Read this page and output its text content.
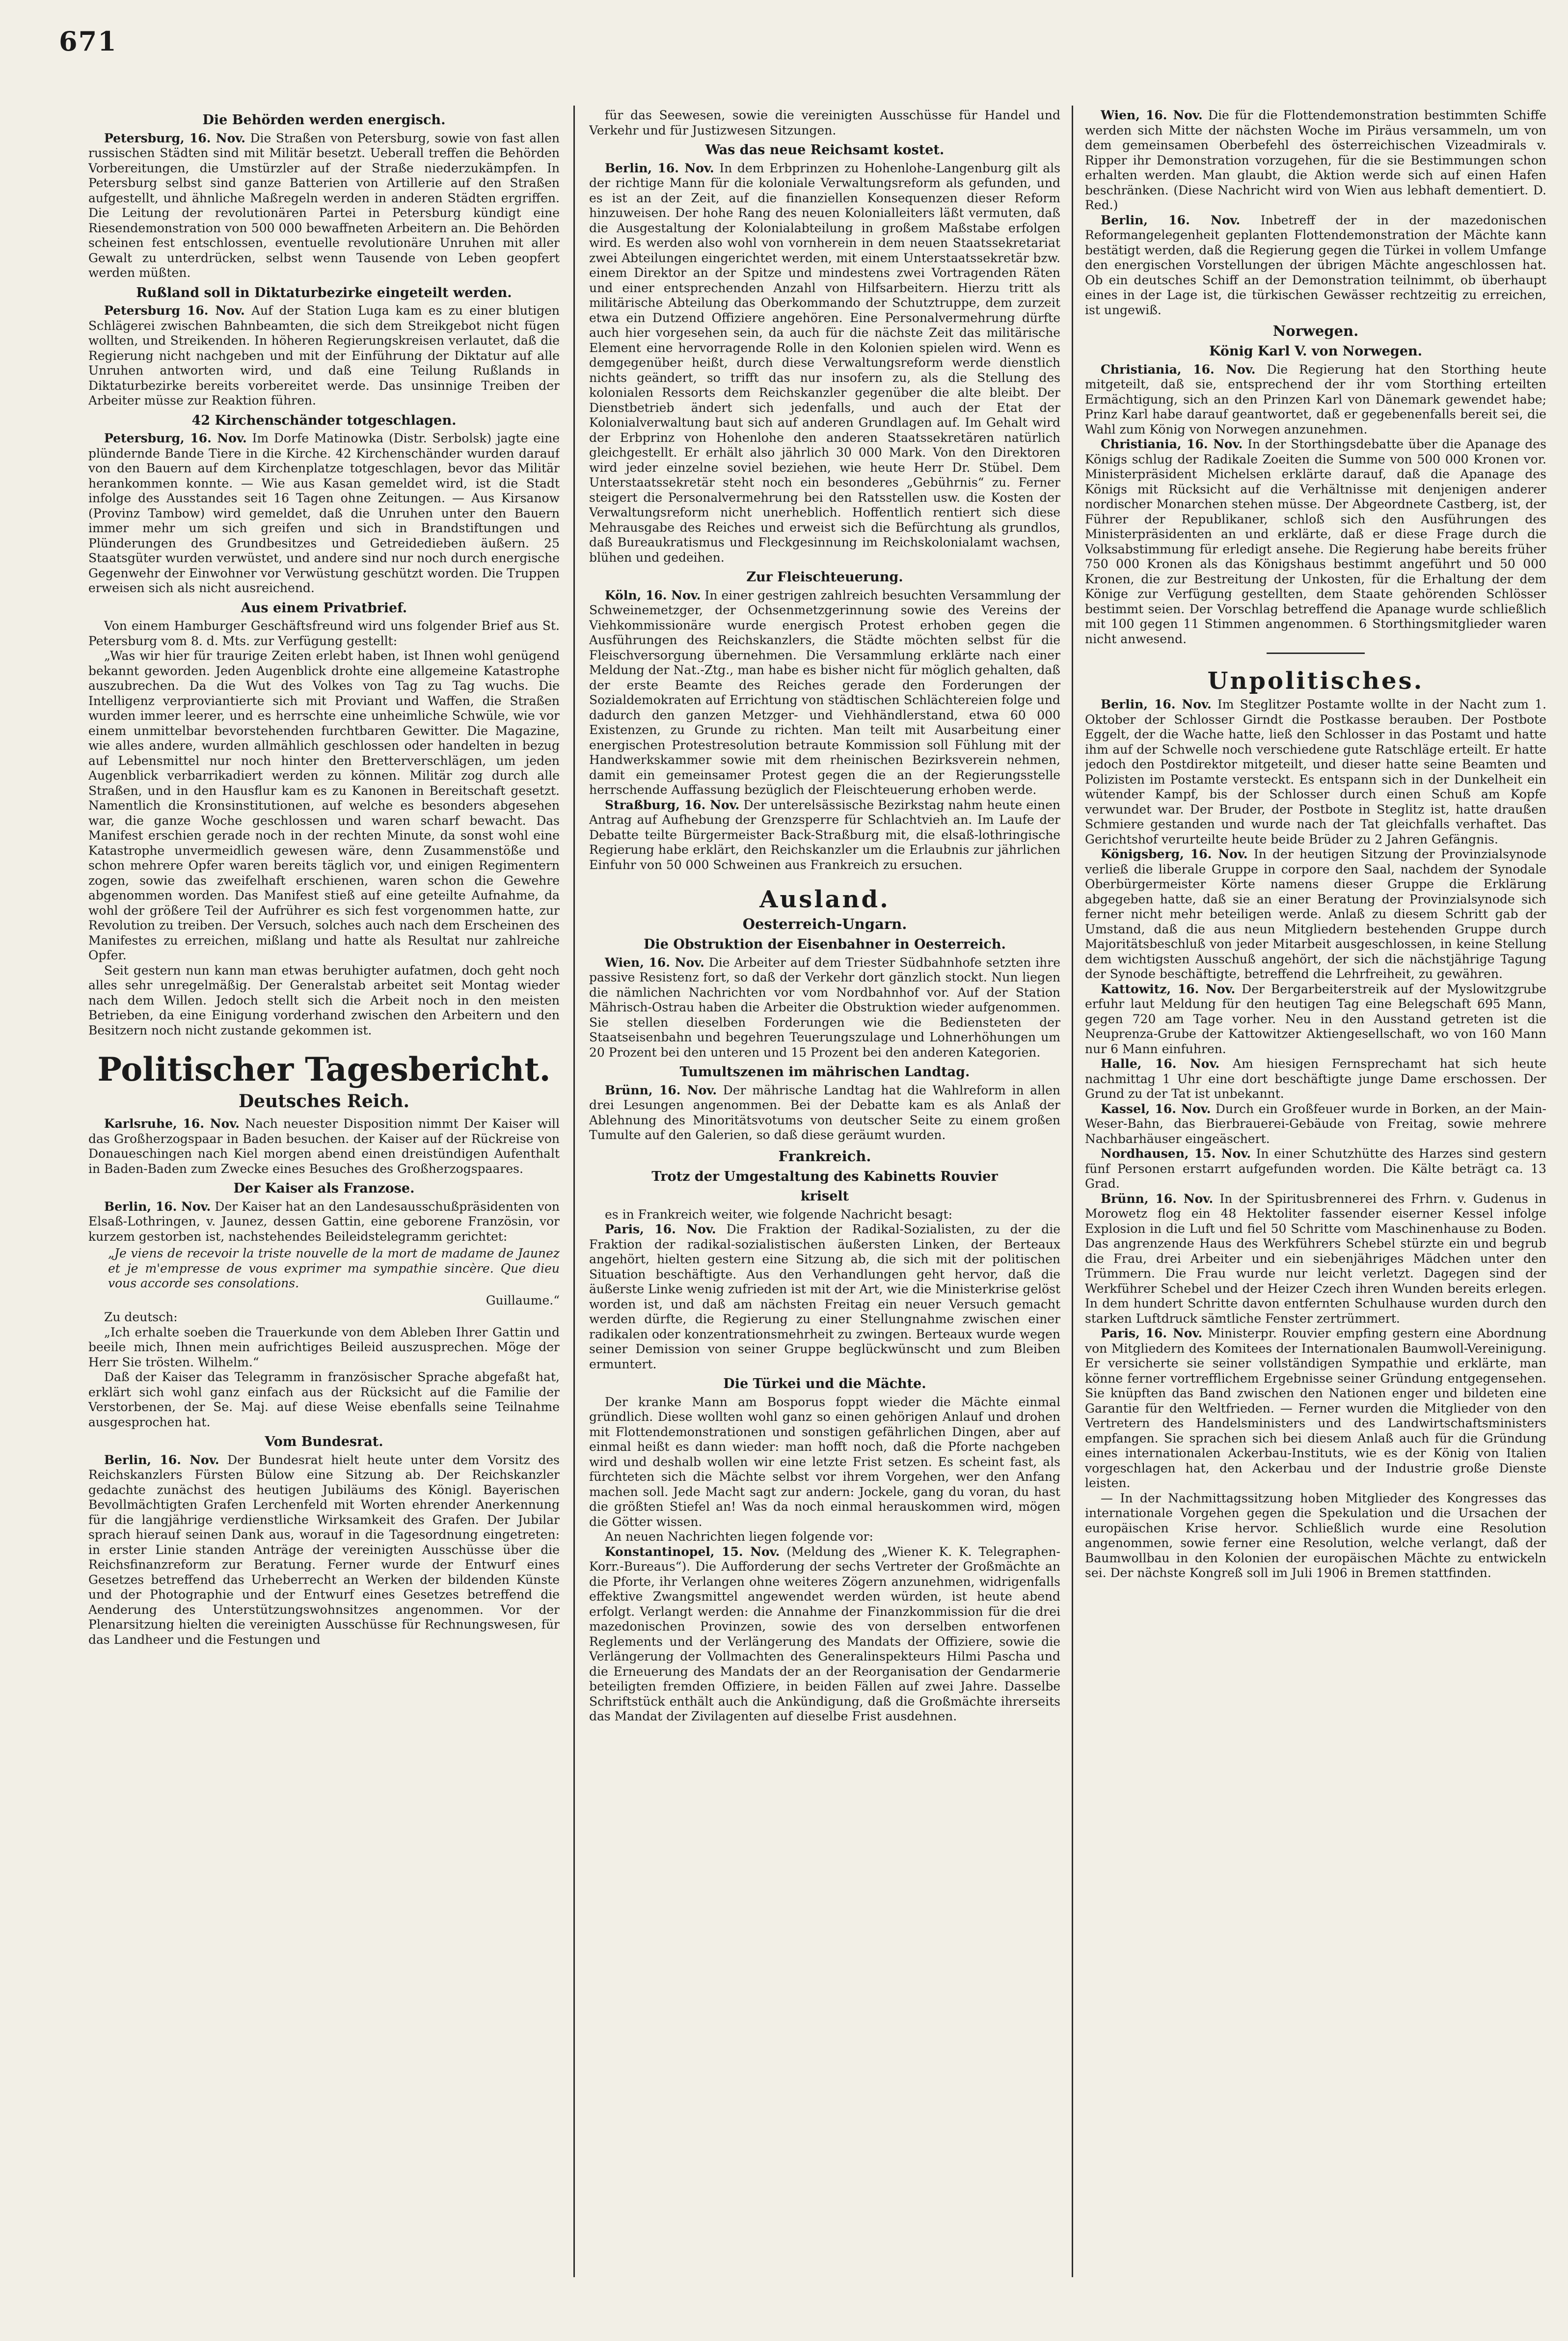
671
Die Behörden werden energisch.

Petersburg, 16. Nov. Die Straßen von Petersburg, sowie von fast allen russischen Städten sind mit Militär besetzt. Ueberall treffen die Behörden Vorbereitungen, die Umstürzler auf der Straße niederzukämpfen. In Petersburg selbst sind ganze Batterien von Artillerie auf den Straßen aufgestellt, und ähnliche Maßregeln werden in anderen Städten ergriffen. Die Leitung der revolutionären Partei in Petersburg kündigt eine Riesendemonstration von 500 000 bewaffneten Arbeitern an. Die Behörden scheinen fest entschlossen, eventuelle revolutionäre Unruhen mit aller Gewalt zu unterdrücken, selbst wenn Tausende von Leben geopfert werden müßten.

Rußland soll in Diktaturbezirke eingeteilt werden.

Petersburg 16. Nov. Auf der Station Luga kam es zu einer blutigen Schlägerei zwischen Bahnbeamten, die sich dem Streikgebot nicht fügen wollten, und Streikenden. In höheren Regierungskreisen verlautet, daß die Regierung nicht nachgeben und mit der Einführung der Diktatur auf alle Unruhen antworten wird, und daß eine Teilung Rußlands in Diktaturbezirke bereits vorbereitet werde. Das unsinnige Treiben der Arbeiter müsse zur Reaktion führen.

42 Kirchenschänder totgeschlagen.

Petersburg, 16. Nov. Im Dorfe Matinowka (Distr. Serbolsk) jagte eine plündernde Bande Tiere in die Kirche. 42 Kirchenschänder wurden darauf von den Bauern auf dem Kirchenplatze totgeschlagen, bevor das Militär herankommen konnte. — Wie aus Kasan gemeldet wird, ist die Stadt infolge des Ausstandes seit 16 Tagen ohne Zeitungen. — Aus Kirsanow (Provinz Tambow) wird gemeldet, daß die Unruhen unter den Bauern immer mehr um sich greifen und sich in Brandstiftungen und Plünderungen des Grundbesitzes und Getreidedieben äußern. 25 Staatsgüter wurden verwüstet, und andere sind nur noch durch energische Gegenwehr der Einwohner vor Verwüstung geschützt worden. Die Truppen erweisen sich als nicht ausreichend.

Aus einem Privatbrief.

Von einem Hamburger Geschäftsfreund wird uns folgender Brief aus St. Petersburg vom 8. d. Mts. zur Verfügung gestellt:

„Was wir hier für traurige Zeiten erlebt haben, ist Ihnen wohl genügend bekannt geworden. Jeden Augenblick drohte eine allgemeine Katastrophe auszubrechen. Da die Wut des Volkes von Tag zu Tag wuchs. Die Intelligenz verproviantierte sich mit Proviant und Waffen, die Straßen wurden immer leerer, und es herrschte eine unheimliche Schwüle, wie vor einem unmittelbar bevorstehenden furchtbaren Gewitter. Die Magazine, wie alles andere, wurden allmählich geschlossen oder handelten in bezug auf Lebensmittel nur noch hinter den Bretterverschlägen, um jeden Augenblick verbarrikadiert werden zu können. Militär zog durch alle Straßen, und in den Hausflur kam es zu Kanonen in Bereitschaft gesetzt. Namentlich die Kronsinstitutionen, auf welche es besonders abgesehen war, die ganze Woche geschlossen und waren scharf bewacht. Das Manifest erschien gerade noch in der rechten Minute, da sonst wohl eine Katastrophe unvermeidlich gewesen wäre, denn Zusammenstöße und schon mehrere Opfer waren bereits täglich vor, und einigen Regimentern zogen, sowie das zweifelhaft erschienen, waren schon die Gewehre abgenommen worden. Das Manifest stieß auf eine geteilte Aufnahme, da wohl der größere Teil der Aufrührer es sich fest vorgenommen hatte, zur Revolution zu treiben. Der Versuch, solches auch nach dem Erscheinen des Manifestes zu erreichen, mißlang und hatte als Resultat nur zahlreiche Opfer.

Seit gestern nun kann man etwas beruhigter aufatmen, doch geht noch alles sehr unregelmäßig. Der Generalstab arbeitet seit Montag wieder nach dem Willen. Jedoch stellt sich die Arbeit noch in den meisten Betrieben, da eine Einigung vorderhand zwischen den Arbeitern und den Besitzern noch nicht zustande gekommen ist.

Politischer Tagesbericht.
Deutsches Reich.

Karlsruhe, 16. Nov. Nach neuester Disposition nimmt Der Kaiser will das Großherzogspaar in Baden besuchen. der Kaiser auf der Rückreise von Donaueschingen nach Kiel morgen abend einen dreistündigen Aufenthalt in Baden-Baden zum Zwecke eines Besuches des Großherzogspaares.

Der Kaiser als Franzose.

Berlin, 16. Nov. Der Kaiser hat an den Landesausschußpräsidenten von Elsaß-Lothringen, v. Jaunez, dessen Gattin, eine geborene Französin, vor kurzem gestorben ist, nachstehendes Beileidstelegramm gerichtet:

„Je viens de recevoir la triste nouvelle de la mort de madame de Jaunez et je m'empresse de vous exprimer ma sympathie sincère. Que dieu vous accorde ses consolations.

Guillaume.“

Zu deutsch:

„Ich erhalte soeben die Trauerkunde von dem Ableben Ihrer Gattin und beeile mich, Ihnen mein aufrichtiges Beileid auszusprechen. Möge der Herr Sie trösten. Wilhelm.“

Daß der Kaiser das Telegramm in französischer Sprache abgefaßt hat, erklärt sich wohl ganz einfach aus der Rücksicht auf die Familie der Verstorbenen, der Se. Maj. auf diese Weise ebenfalls seine Teilnahme ausgesprochen hat.

Vom Bundesrat.

Berlin, 16. Nov. Der Bundesrat hielt heute unter dem Vorsitz des Reichskanzlers Fürsten Bülow eine Sitzung ab. Der Reichskanzler gedachte zunächst des heutigen Jubiläums des Königl. Bayerischen Bevollmächtigten Grafen Lerchenfeld mit Worten ehrender Anerkennung für die langjährige verdienstliche Wirksamkeit des Grafen. Der Jubilar sprach hierauf seinen Dank aus, worauf in die Tagesordnung eingetreten: in erster Linie standen Anträge der vereinigten Ausschüsse über die Reichsfinanzreform zur Beratung. Ferner wurde der Entwurf eines Gesetzes betreffend das Urheberrecht an Werken der bildenden Künste und der Photographie und der Entwurf eines Gesetzes betreffend die Aenderung des Unterstützungswohnsitzes angenommen. Vor der Plenarsitzung hielten die vereinigten Ausschüsse für Rechnungswesen, für das Landheer und die Festungen und

für das Seewesen, sowie die vereinigten Ausschüsse für Handel und Verkehr und für Justizwesen Sitzungen.

Was das neue Reichsamt kostet.

Berlin, 16. Nov. In dem Erbprinzen zu Hohenlohe-Langenburg gilt als der richtige Mann für die koloniale Verwaltungsreform als gefunden, und es ist an der Zeit, auf die finanziellen Konsequenzen dieser Reform hinzuweisen. Der hohe Rang des neuen Kolonialleiters läßt vermuten, daß die Ausgestaltung der Kolonialabteilung in großem Maßstabe erfolgen wird. Es werden also wohl von vornherein in dem neuen Staatssekretariat zwei Abteilungen eingerichtet werden, mit einem Unterstaatssekretär bzw. einem Direktor an der Spitze und mindestens zwei Vortragenden Räten und einer entsprechenden Anzahl von Hilfsarbeitern. Hierzu tritt als militärische Abteilung das Oberkommando der Schutztruppe, dem zurzeit etwa ein Dutzend Offiziere angehören. Eine Personalvermehrung dürfte auch hier vorgesehen sein, da auch für die nächste Zeit das militärische Element eine hervorragende Rolle in den Kolonien spielen wird. Wenn es demgegenüber heißt, durch diese Verwaltungsreform werde dienstlich nichts geändert, so trifft das nur insofern zu, als die Stellung des kolonialen Ressorts dem Reichskanzler gegenüber die alte bleibt. Der Dienstbetrieb ändert sich jedenfalls, und auch der Etat der Kolonialverwaltung baut sich auf anderen Grundlagen auf. Im Gehalt wird der Erbprinz von Hohenlohe den anderen Staatssekretären natürlich gleichgestellt. Er erhält also jährlich 30 000 Mark. Von den Direktoren wird jeder einzelne soviel beziehen, wie heute Herr Dr. Stübel. Dem Unterstaatssekretär steht noch ein besonderes „Gebührnis“ zu. Ferner steigert die Personalvermehrung bei den Ratsstellen usw. die Kosten der Verwaltungsreform nicht unerheblich. Hoffentlich rentiert sich diese Mehrausgabe des Reiches und erweist sich die Befürchtung als grundlos, daß Bureaukratismus und Fleckgesinnung im Reichskolonialamt wachsen, blühen und gedeihen.

Zur Fleischteuerung.

Köln, 16. Nov. In einer gestrigen zahlreich besuchten Versammlung der Schweinemetzger, der Ochsenmetzgerinnung sowie des Vereins der Viehkommissionäre wurde energisch Protest erhoben gegen die Ausführungen des Reichskanzlers, die Städte möchten selbst für die Fleischversorgung übernehmen. Die Versammlung erklärte nach einer Meldung der Nat.-Ztg., man habe es bisher nicht für möglich gehalten, daß der erste Beamte des Reiches gerade den Forderungen der Sozialdemokraten auf Errichtung von städtischen Schlächtereien folge und dadurch den ganzen Metzger- und Viehhändlerstand, etwa 60 000 Existenzen, zu Grunde zu richten. Man teilt mit Ausarbeitung einer energischen Protestresolution betraute Kommission soll Fühlung mit der Handwerkskammer sowie mit dem rheinischen Bezirksverein nehmen, damit ein gemeinsamer Protest gegen die an der Regierungsstelle herrschende Auffassung bezüglich der Fleischteuerung erhoben werde.

Straßburg, 16. Nov. Der unterelsässische Bezirkstag nahm heute einen Antrag auf Aufhebung der Grenzsperre für Schlachtvieh an. Im Laufe der Debatte teilte Bürgermeister Back-Straßburg mit, die elsaß-lothringische Regierung habe erklärt, den Reichskanzler um die Erlaubnis zur jährlichen Einfuhr von 50 000 Schweinen aus Frankreich zu ersuchen.

Ausland.
Oesterreich-Ungarn.
Die Obstruktion der Eisenbahner in Oesterreich.

Wien, 16. Nov. Die Arbeiter auf dem Triester Südbahnhofe setzten ihre passive Resistenz fort, so daß der Verkehr dort gänzlich stockt. Nun liegen die nämlichen Nachrichten vor vom Nordbahnhof vor. Auf der Station Mährisch-Ostrau haben die Arbeiter die Obstruktion wieder aufgenommen. Sie stellen dieselben Forderungen wie die Bediensteten der Staatseisenbahn und begehren Teuerungszulage und Lohnerhöhungen um 20 Prozent bei den unteren und 15 Prozent bei den anderen Kategorien.

Tumultszenen im mährischen Landtag.

Brünn, 16. Nov. Der mährische Landtag hat die Wahlreform in allen drei Lesungen angenommen. Bei der Debatte kam es als Anlaß der Ablehnung des Minoritätsvotums von deutscher Seite zu einem großen Tumulte auf den Galerien, so daß diese geräumt wurden.

Frankreich.
Trotz der Umgestaltung des Kabinetts Rouvier
kriselt

es in Frankreich weiter, wie folgende Nachricht besagt:

Paris, 16. Nov. Die Fraktion der Radikal-Sozialisten, zu der die Fraktion der radikal-sozialistischen äußersten Linken, der Berteaux angehört, hielten gestern eine Sitzung ab, die sich mit der politischen Situation beschäftigte. Aus den Verhandlungen geht hervor, daß die äußerste Linke wenig zufrieden ist mit der Art, wie die Ministerkrise gelöst worden ist, und daß am nächsten Freitag ein neuer Versuch gemacht werden dürfte, die Regierung zu einer Stellungnahme zwischen einer radikalen oder konzentrationsmehrheit zu zwingen. Berteaux wurde wegen seiner Demission von seiner Gruppe beglückwünscht und zum Bleiben ermuntert.

Die Türkei und die Mächte.

Der kranke Mann am Bosporus foppt wieder die Mächte einmal gründlich. Diese wollten wohl ganz so einen gehörigen Anlauf und drohen mit Flottendemonstrationen und sonstigen gefährlichen Dingen, aber auf einmal heißt es dann wieder: man hofft noch, daß die Pforte nachgeben wird und deshalb wollen wir eine letzte Frist setzen. Es scheint fast, als fürchteten sich die Mächte selbst vor ihrem Vorgehen, wer den Anfang machen soll. Jede Macht sagt zur andern: Jockele, gang du voran, du hast die größten Stiefel an! Was da noch einmal herauskommen wird, mögen die Götter wissen.

An neuen Nachrichten liegen folgende vor:

Konstantinopel, 15. Nov. (Meldung des „Wiener K. K. Telegraphen-Korr.-Bureaus“). Die Aufforderung der sechs Vertreter der Großmächte an die Pforte, ihr Verlangen ohne weiteres Zögern anzunehmen, widrigenfalls effektive Zwangsmittel angewendet werden würden, ist heute abend erfolgt. Verlangt werden: die Annahme der Finanzkommission für die drei mazedonischen Provinzen, sowie des von derselben entworfenen Reglements und der Verlängerung des Mandats der Offiziere, sowie die Verlängerung der Vollmachten des Generalinspekteurs Hilmi Pascha und die Erneuerung des Mandats der an der Reorganisation der Gendarmerie beteiligten fremden Offiziere, in beiden Fällen auf zwei Jahre. Dasselbe Schriftstück enthält auch die Ankündigung, daß die Großmächte ihrerseits das Mandat der Zivilagenten auf dieselbe Frist ausdehnen.

Wien, 16. Nov. Die für die Flottendemonstration bestimmten Schiffe werden sich Mitte der nächsten Woche im Piräus versammeln, um von dem gemeinsamen Oberbefehl des österreichischen Vizeadmirals v. Ripper ihr Demonstration vorzugehen, für die sie Bestimmungen schon erhalten werden. Man glaubt, die Aktion werde sich auf einen Hafen beschränken. (Diese Nachricht wird von Wien aus lebhaft dementiert. D. Red.)

Berlin, 16. Nov. Inbetreff der in der mazedonischen Reformangelegenheit geplanten Flottendemonstration der Mächte kann bestätigt werden, daß die Regierung gegen die Türkei in vollem Umfange den energischen Vorstellungen der übrigen Mächte angeschlossen hat. Ob ein deutsches Schiff an der Demonstration teilnimmt, ob überhaupt eines in der Lage ist, die türkischen Gewässer rechtzeitig zu erreichen, ist ungewiß.

Norwegen.
König Karl V. von Norwegen.

Christiania, 16. Nov. Die Regierung hat den Storthing heute mitgeteilt, daß sie, entsprechend der ihr vom Storthing erteilten Ermächtigung, sich an den Prinzen Karl von Dänemark gewendet habe; Prinz Karl habe darauf geantwortet, daß er gegebenenfalls bereit sei, die Wahl zum König von Norwegen anzunehmen.

Christiania, 16. Nov. In der Storthingsdebatte über die Apanage des Königs schlug der Radikale Zoeiten die Summe von 500 000 Kronen vor. Ministerpräsident Michelsen erklärte darauf, daß die Apanage des Königs mit Rücksicht auf die Verhältnisse mit denjenigen anderer nordischer Monarchen stehen müsse. Der Abgeordnete Castberg, ist, der Führer der Republikaner, schloß sich den Ausführungen des Ministerpräsidenten an und erklärte, daß er diese Frage durch die Volksabstimmung für erledigt ansehe. Die Regierung habe bereits früher 750 000 Kronen als das Königshaus bestimmt angeführt und 50 000 Kronen, die zur Bestreitung der Unkosten, für die Erhaltung der dem Könige zur Verfügung gestellten, dem Staate gehörenden Schlösser bestimmt seien. Der Vorschlag betreffend die Apanage wurde schließlich mit 100 gegen 11 Stimmen angenommen. 6 Storthingsmitglieder waren nicht anwesend.

Unpolitisches.

Berlin, 16. Nov. Im Steglitzer Postamte wollte in der Nacht zum 1. Oktober der Schlosser Girndt die Postkasse berauben. Der Postbote Eggelt, der die Wache hatte, ließ den Schlosser in das Postamt und hatte ihm auf der Schwelle noch verschiedene gute Ratschläge erteilt. Er hatte jedoch den Postdirektor mitgeteilt, und dieser hatte seine Beamten und Polizisten im Postamte versteckt. Es entspann sich in der Dunkelheit ein wütender Kampf, bis der Schlosser durch einen Schuß am Kopfe verwundet war. Der Bruder, der Postbote in Steglitz ist, hatte draußen Schmiere gestanden und wurde nach der Tat gleichfalls verhaftet. Das Gerichtshof verurteilte heute beide Brüder zu 2 Jahren Gefängnis.

Königsberg, 16. Nov. In der heutigen Sitzung der Provinzialsynode verließ die liberale Gruppe in corpore den Saal, nachdem der Synodale Oberbürgermeister Körte namens dieser Gruppe die Erklärung abgegeben hatte, daß sie an einer Beratung der Provinzialsynode sich ferner nicht mehr beteiligen werde. Anlaß zu diesem Schritt gab der Umstand, daß die aus neun Mitgliedern bestehenden Gruppe durch Majoritätsbeschluß von jeder Mitarbeit ausgeschlossen, in keine Stellung dem wichtigsten Ausschuß angehört, der sich die nächstjährige Tagung der Synode beschäftigte, betreffend die Lehrfreiheit, zu gewähren.

Kattowitz, 16. Nov. Der Bergarbeiterstreik auf der Myslowitzgrube erfuhr laut Meldung für den heutigen Tag eine Belegschaft 695 Mann, gegen 720 am Tage vorher. Neu in den Ausstand getreten ist die Neuprenza-Grube der Kattowitzer Aktiengesellschaft, wo von 160 Mann nur 6 Mann einfuhren.

Halle, 16. Nov. Am hiesigen Fernsprechamt hat sich heute nachmittag 1 Uhr eine dort beschäftigte junge Dame erschossen. Der Grund zu der Tat ist unbekannt.

Kassel, 16. Nov. Durch ein Großfeuer wurde in Borken, an der Main-Weser-Bahn, das Bierbrauerei-Gebäude von Freitag, sowie mehrere Nachbarhäuser eingeäschert.

Nordhausen, 15. Nov. In einer Schutzhütte des Harzes sind gestern fünf Personen erstarrt aufgefunden worden. Die Kälte beträgt ca. 13 Grad.

Brünn, 16. Nov. In der Spiritusbrennerei des Frhrn. v. Gudenus in Morowetz flog ein 48 Hektoliter fassender eiserner Kessel infolge Explosion in die Luft und fiel 50 Schritte vom Maschinenhause zu Boden. Das angrenzende Haus des Werkführers Schebel stürzte ein und begrub die Frau, drei Arbeiter und ein siebenjähriges Mädchen unter den Trümmern. Die Frau wurde nur leicht verletzt. Dagegen sind der Werkführer Schebel und der Heizer Czech ihren Wunden bereits erlegen. In dem hundert Schritte davon entfernten Schulhause wurden durch den starken Luftdruck sämtliche Fenster zertrümmert.

Paris, 16. Nov. Ministerpr. Rouvier empfing gestern eine Abordnung von Mitgliedern des Komitees der Internationalen Baumwoll-Vereinigung. Er versicherte sie seiner vollständigen Sympathie und erklärte, man könne ferner vortrefflichem Ergebnisse seiner Gründung entgegensehen. Sie knüpften das Band zwischen den Nationen enger und bildeten eine Garantie für den Weltfrieden. — Ferner wurden die Mitglieder von den Vertretern des Handelsministers und des Landwirtschaftsministers empfangen. Sie sprachen sich bei diesem Anlaß auch für die Gründung eines internationalen Ackerbau-Instituts, wie es der König von Italien vorgeschlagen hat, den Ackerbau und der Industrie große Dienste leisten.

— In der Nachmittagssitzung hoben Mitglieder des Kongresses das internationale Vorgehen gegen die Spekulation und die Ursachen der europäischen Krise hervor. Schließlich wurde eine Resolution angenommen, sowie ferner eine Resolution, welche verlangt, daß der Baumwollbau in den Kolonien der europäischen Mächte zu entwickeln sei. Der nächste Kongreß soll im Juli 1906 in Bremen stattfinden.
